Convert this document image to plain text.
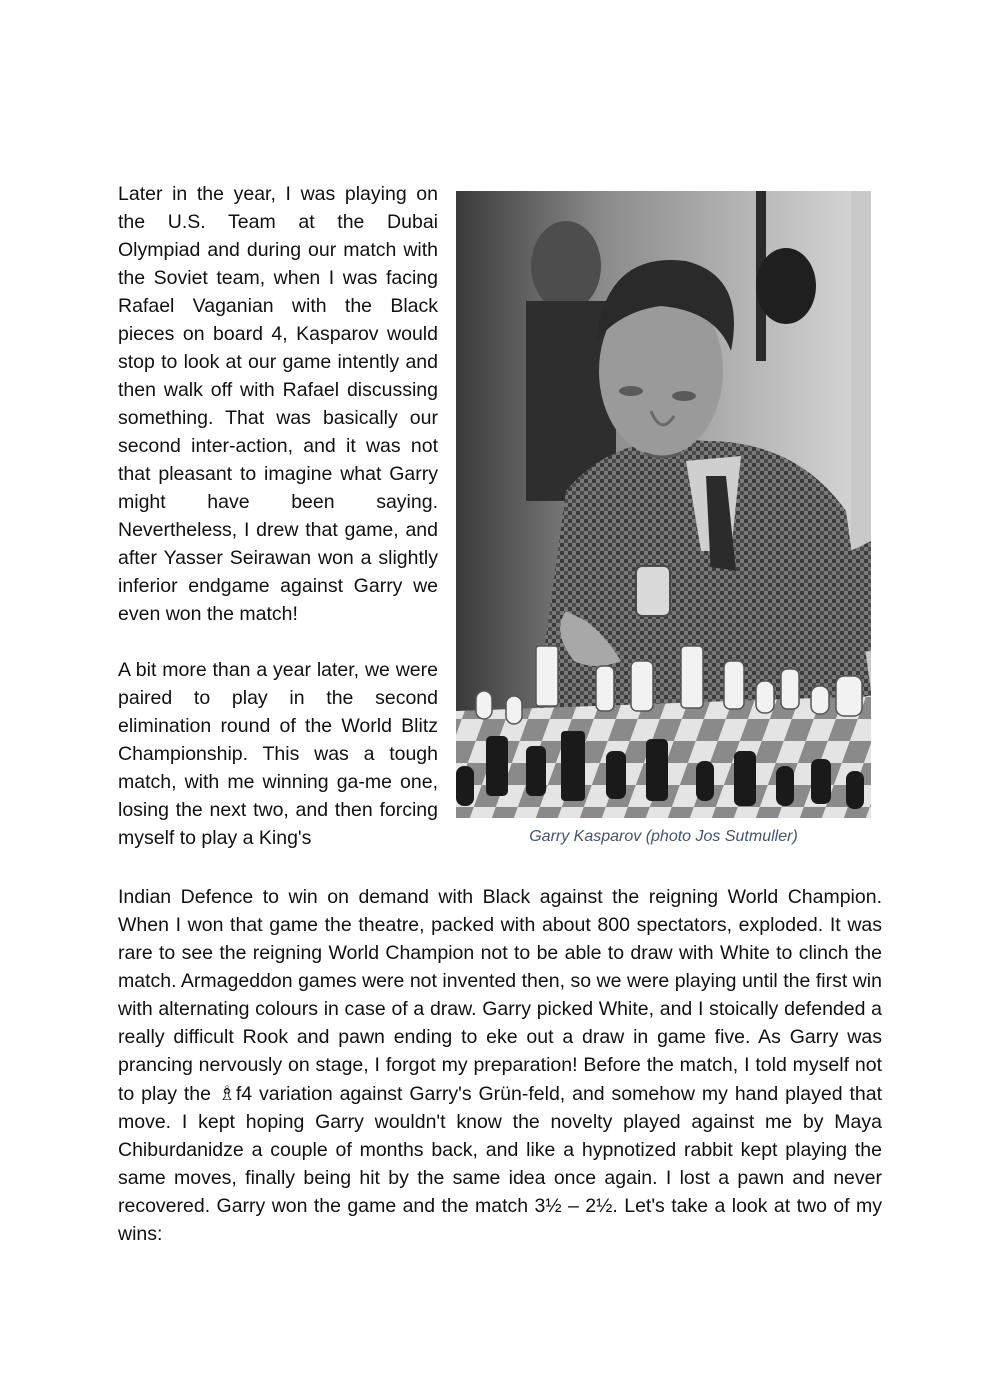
Later in the year, I was playing on the U.S. Team at the Dubai Olympiad and during our match with the Soviet team, when I was facing Rafael Vaganian with the Black pieces on board 4, Kasparov would stop to look at our game intently and then walk off with Rafael discussing something. That was basically our second inter-action, and it was not that pleasant to imagine what Garry might have been saying. Nevertheless, I drew that game, and after Yasser Seirawan won a slightly inferior endgame against Garry we even won the match!

A bit more than a year later, we were paired to play in the second elimination round of the World Blitz Championship. This was a tough match, with me winning ga-me one, losing the next two, and then forcing myself to play a King's	Garry Kasparov (photo Jos Sutmuller)
Indian Defence to win on demand with Black against the reigning World Champion. When I won that game the theatre, packed with about 800 spectators, exploded. It was rare to see the reigning World Champion not to be able to draw with White to clinch the match. Armageddon games were not invented then, so we were playing until the first win with alternating colours in case of a draw. Garry picked White, and I stoically defended a really difficult Rook and pawn ending to eke out a draw in game five. As Garry was prancing nervously on stage, I forgot my preparation! Before the match, I told myself not to play the ♗f4 variation against Garry's Grün-feld, and somehow my hand played that move. I kept hoping Garry wouldn't know the novelty played against me by Maya Chiburdanidze a couple of months back, and like a hypnotized rabbit kept playing the same moves, finally being hit by the same idea once again. I lost a pawn and never recovered. Garry won the game and the match 3½ – 2½. Let's take a look at two of my wins:
